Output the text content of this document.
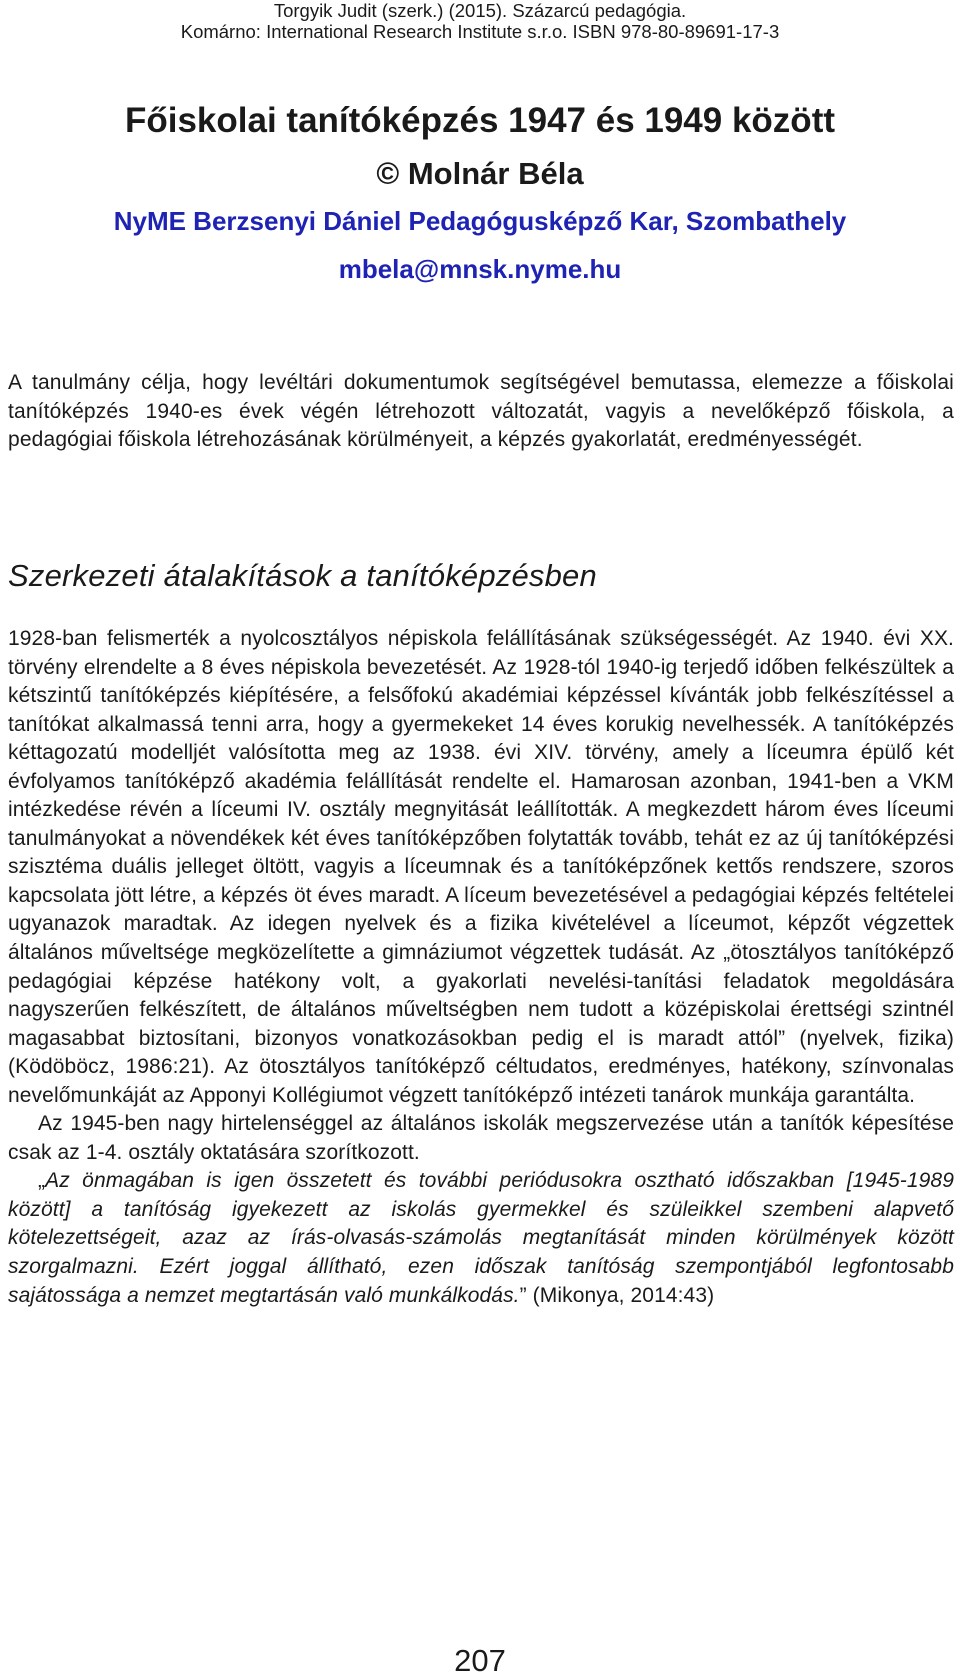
Torgyik Judit (szerk.) (2015). Százarcú pedagógia.
Komárno: International Research Institute s.r.o. ISBN 978-80-89691-17-3
Főiskolai tanítóképzés 1947 és 1949 között
© Molnár Béla
NyME Berzsenyi Dániel Pedagógusképző Kar, Szombathely
mbela@mnsk.nyme.hu

A tanulmány célja, hogy levéltári dokumentumok segítségével bemutassa, elemezze a főiskolai tanítóképzés 1940-es évek végén létrehozott változatát, vagyis a nevelőképző főiskola, a pedagógiai főiskola létrehozásának körülményeit, a képzés gyakorlatát, eredményességét.

Szerkezeti átalakítások a tanítóképzésben

1928-ban felismerték a nyolcosztályos népiskola felállításának szükségességét. Az 1940. évi XX. törvény elrendelte a 8 éves népiskola bevezetését. Az 1928-tól 1940-ig terjedő időben felkészültek a kétszintű tanítóképzés kiépítésére, a felsőfokú akadémiai képzéssel kívánták jobb felkészítéssel a tanítókat alkalmassá tenni arra, hogy a gyermekeket 14 éves korukig nevelhessék. A tanítóképzés kéttagozatú modelljét valósította meg az 1938. évi XIV. törvény, amely a líceumra épülő két évfolyamos tanítóképző akadémia felállítását rendelte el. Hamarosan azonban, 1941-ben a VKM intézkedése révén a líceumi IV. osztály megnyitását leállították. A megkezdett három éves líceumi tanulmányokat a növendékek két éves tanítóképzőben folytatták tovább, tehát ez az új tanítóképzési szisztéma duális jelleget öltött, vagyis a líceumnak és a tanítóképzőnek kettős rendszere, szoros kapcsolata jött létre, a képzés öt éves maradt. A líceum bevezetésével a pedagógiai képzés feltételei ugyanazok maradtak. Az idegen nyelvek és a fizika kivételével a líceumot, képzőt végzettek általános műveltsége megközelítette a gimnáziumot végzettek tudását. Az „ötosztályos tanítóképző pedagógiai képzése hatékony volt, a gyakorlati nevelési-tanítási feladatok megoldására nagyszerűen felkészített, de általános műveltségben nem tudott a középiskolai érettségi szintnél magasabbat biztosítani, bizonyos vonatkozásokban pedig el is maradt attól” (nyelvek, fizika) (Ködöböcz, 1986:21). Az ötosztályos tanítóképző céltudatos, eredményes, hatékony, színvonalas nevelőmunkáját az Apponyi Kollégiumot végzett tanítóképző intézeti tanárok munkája garantálta.

Az 1945-ben nagy hirtelenséggel az általános iskolák megszervezése után a tanítók képesítése csak az 1-4. osztály oktatására szorítkozott.

„Az önmagában is igen összetett és további periódusokra osztható időszakban [1945-1989 között] a tanítóság igyekezett az iskolás gyermekkel és szüleikkel szembeni alapvető kötelezettségeit, azaz az írás-olvasás-számolás megtanítását minden körülmények között szorgalmazni. Ezért joggal állítható, ezen időszak tanítóság szempontjából legfontosabb sajátossága a nemzet megtartásán való munkálkodás.” (Mikonya, 2014:43)

207
